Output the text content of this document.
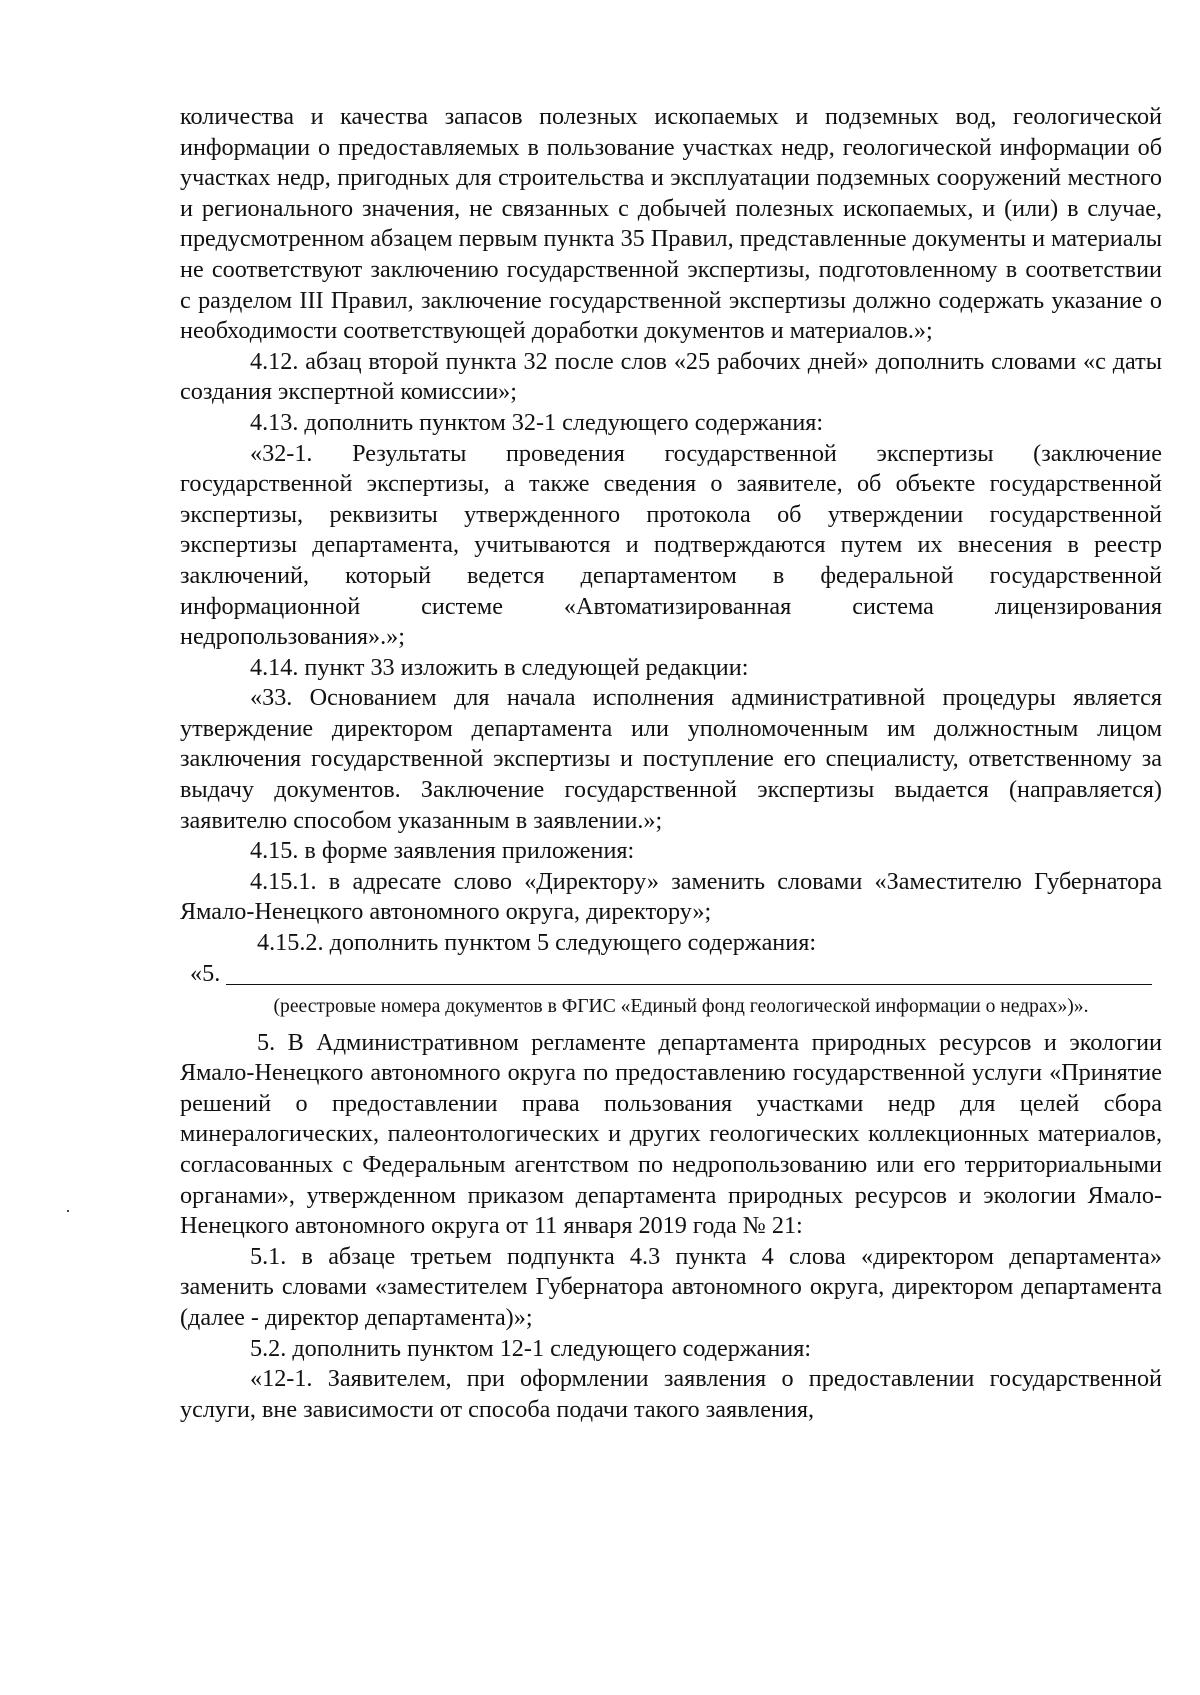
количества и качества запасов полезных ископаемых и подземных вод, геологической информации о предоставляемых в пользование участках недр, геологической информации об участках недр, пригодных для строительства и эксплуатации подземных сооружений местного и регионального значения, не связанных с добычей полезных ископаемых, и (или) в случае, предусмотренном абзацем первым пункта 35 Правил, представленные документы и материалы не соответствуют заключению государственной экспертизы, подготовленному в соответствии с разделом III Правил, заключение государственной экспертизы должно содержать указание о необходимости соответствующей доработки документов и материалов.»;

4.12. абзац второй пункта 32 после слов «25 рабочих дней» дополнить словами «с даты создания экспертной комиссии»;

4.13. дополнить пунктом 32-1 следующего содержания:

«32-1. Результаты проведения государственной экспертизы (заключение государственной экспертизы, а также сведения о заявителе, об объекте государственной экспертизы, реквизиты утвержденного протокола об утверждении государственной экспертизы департамента, учитываются и подтверждаются путем их внесения в реестр заключений, который ведется департаментом в федеральной государственной информационной системе «Автоматизированная система лицензирования недропользования».»;

4.14. пункт 33 изложить в следующей редакции:

«33. Основанием для начала исполнения административной процедуры является утверждение директором департамента или уполномоченным им должностным лицом заключения государственной экспертизы и поступление его специалисту, ответственному за выдачу документов. Заключение государственной экспертизы выдается (направляется) заявителю способом указанным в заявлении.»;

4.15. в форме заявления приложения:

4.15.1. в адресате слово «Директору» заменить словами «Заместителю Губернатора Ямало-Ненецкого автономного округа, директору»;

4.15.2. дополнить пунктом 5 следующего содержания:

«5.

(реестровые номера документов в ФГИС «Единый фонд геологической информации о недрах»)».

5. В Административном регламенте департамента природных ресурсов и экологии Ямало-Ненецкого автономного округа по предоставлению государственной услуги «Принятие решений о предоставлении права пользования участками недр для целей сбора минералогических, палеонтологических и других геологических коллекционных материалов, согласованных с Федеральным агентством по недропользованию или его территориальными органами», утвержденном приказом департамента природных ресурсов и экологии Ямало-Ненецкого автономного округа от 11 января 2019 года № 21:

5.1. в абзаце третьем подпункта 4.3 пункта 4 слова «директором департамента» заменить словами «заместителем Губернатора автономного округа, директором департамента (далее - директор департамента)»;

5.2. дополнить пунктом 12-1 следующего содержания:

«12-1. Заявителем, при оформлении заявления о предоставлении государственной услуги, вне зависимости от способа подачи такого заявления,
